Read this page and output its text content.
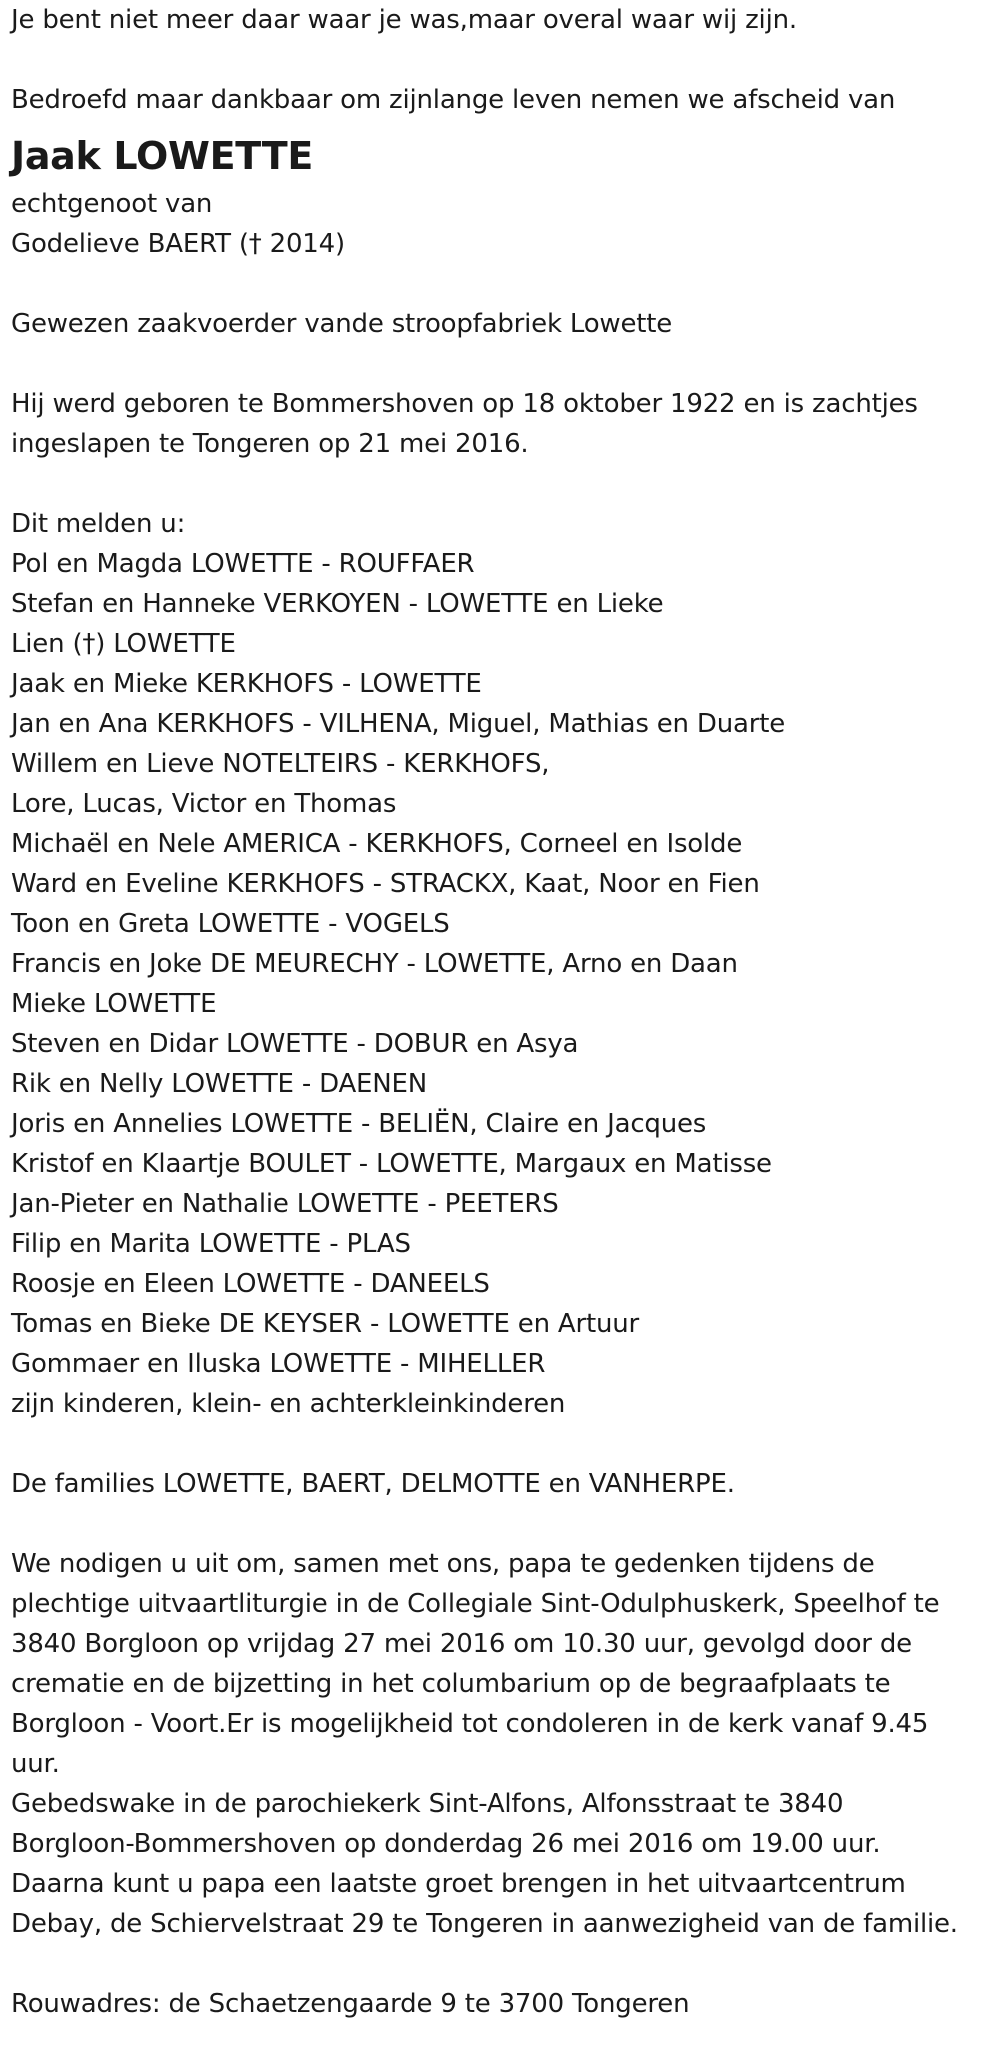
Je bent niet meer daar waar je was,maar overal waar wij zijn.
Bedroefd maar dankbaar om zijnlange leven nemen we afscheid van
Jaak LOWETTE
echtgenoot van
Godelieve BAERT († 2014)
Gewezen zaakvoerder vande stroopfabriek Lowette
Hij werd geboren te Bommershoven op 18 oktober 1922 en is zachtjes
ingeslapen te Tongeren op 21 mei 2016.
Dit melden u:
Pol en Magda LOWETTE - ROUFFAER
Stefan en Hanneke VERKOYEN - LOWETTE en Lieke
Lien (†) LOWETTE
Jaak en Mieke KERKHOFS - LOWETTE
Jan en Ana KERKHOFS - VILHENA, Miguel, Mathias en Duarte
Willem en Lieve NOTELTEIRS - KERKHOFS,
Lore, Lucas, Victor en Thomas
Michaël en Nele AMERICA - KERKHOFS, Corneel en Isolde
Ward en Eveline KERKHOFS - STRACKX, Kaat, Noor en Fien
Toon en Greta LOWETTE - VOGELS
Francis en Joke DE MEURECHY - LOWETTE, Arno en Daan
Mieke LOWETTE
Steven en Didar LOWETTE - DOBUR en Asya
Rik en Nelly LOWETTE - DAENEN
Joris en Annelies LOWETTE - BELIËN, Claire en Jacques
Kristof en Klaartje BOULET - LOWETTE, Margaux en Matisse
Jan-Pieter en Nathalie LOWETTE - PEETERS
Filip en Marita LOWETTE - PLAS
Roosje en Eleen LOWETTE - DANEELS
Tomas en Bieke DE KEYSER - LOWETTE en Artuur
Gommaer en Iluska LOWETTE - MIHELLER
zijn kinderen, klein- en achterkleinkinderen
De families LOWETTE, BAERT, DELMOTTE en VANHERPE.
We nodigen u uit om, samen met ons, papa te gedenken tijdens de
plechtige uitvaartliturgie in de Collegiale Sint-Odulphuskerk, Speelhof te
3840 Borgloon op vrijdag 27 mei 2016 om 10.30 uur, gevolgd door de
crematie en de bijzetting in het columbarium op de begraafplaats te
Borgloon - Voort.Er is mogelijkheid tot condoleren in de kerk vanaf 9.45
uur.
Gebedswake in de parochiekerk Sint-Alfons, Alfonsstraat te 3840
Borgloon-Bommershoven op donderdag 26 mei 2016 om 19.00 uur.
Daarna kunt u papa een laatste groet brengen in het uitvaartcentrum
Debay, de Schiervelstraat 29 te Tongeren in aanwezigheid van de familie.
Rouwadres: de Schaetzengaarde 9 te 3700 Tongeren
